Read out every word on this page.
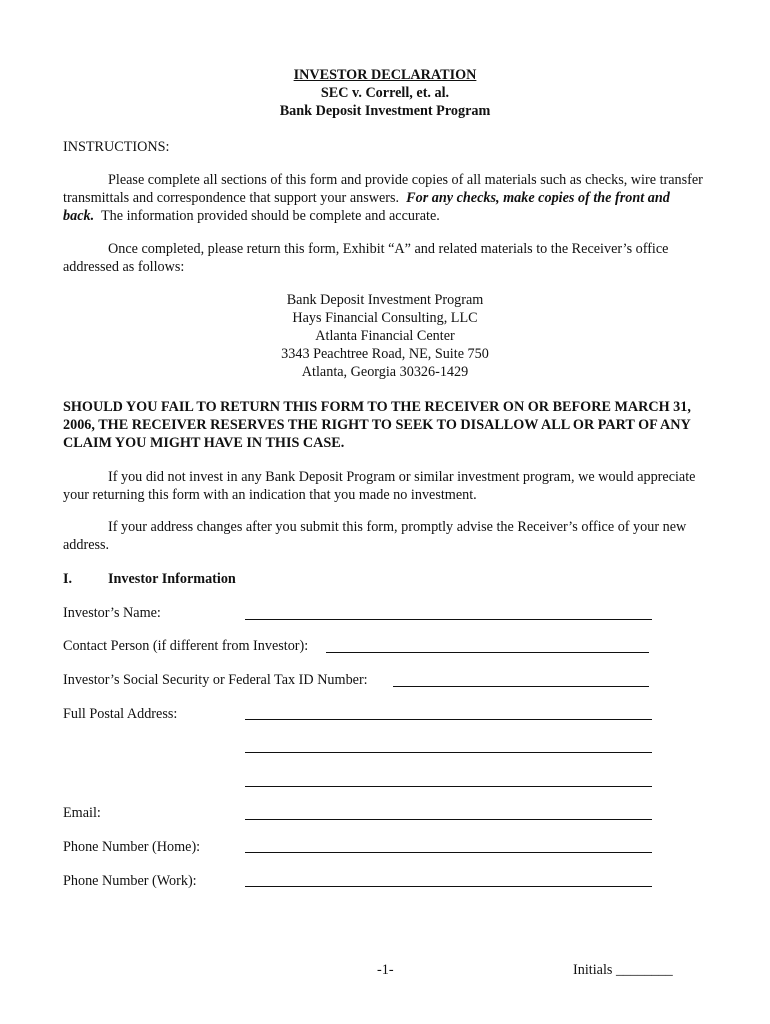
INVESTOR DECLARATION
SEC v. Correll, et. al.
Bank Deposit Investment Program
INSTRUCTIONS:
Please complete all sections of this form and provide copies of all materials such as checks, wire transfer transmittals and correspondence that support your answers. For any checks, make copies of the front and back. The information provided should be complete and accurate.
Once completed, please return this form, Exhibit “A” and related materials to the Receiver’s office addressed as follows:
Bank Deposit Investment Program
Hays Financial Consulting, LLC
Atlanta Financial Center
3343 Peachtree Road, NE, Suite 750
Atlanta, Georgia 30326-1429
SHOULD YOU FAIL TO RETURN THIS FORM TO THE RECEIVER ON OR BEFORE MARCH 31, 2006, THE RECEIVER RESERVES THE RIGHT TO SEEK TO DISALLOW ALL OR PART OF ANY CLAIM YOU MIGHT HAVE IN THIS CASE.
If you did not invest in any Bank Deposit Program or similar investment program, we would appreciate your returning this form with an indication that you made no investment.
If your address changes after you submit this form, promptly advise the Receiver’s office of your new address.
I.	Investor Information
Investor’s Name:
Contact Person (if different from Investor):
Investor’s Social Security or Federal Tax ID Number:
Full Postal Address:
Email:
Phone Number (Home):
Phone Number (Work):
-1-	Initials ________
